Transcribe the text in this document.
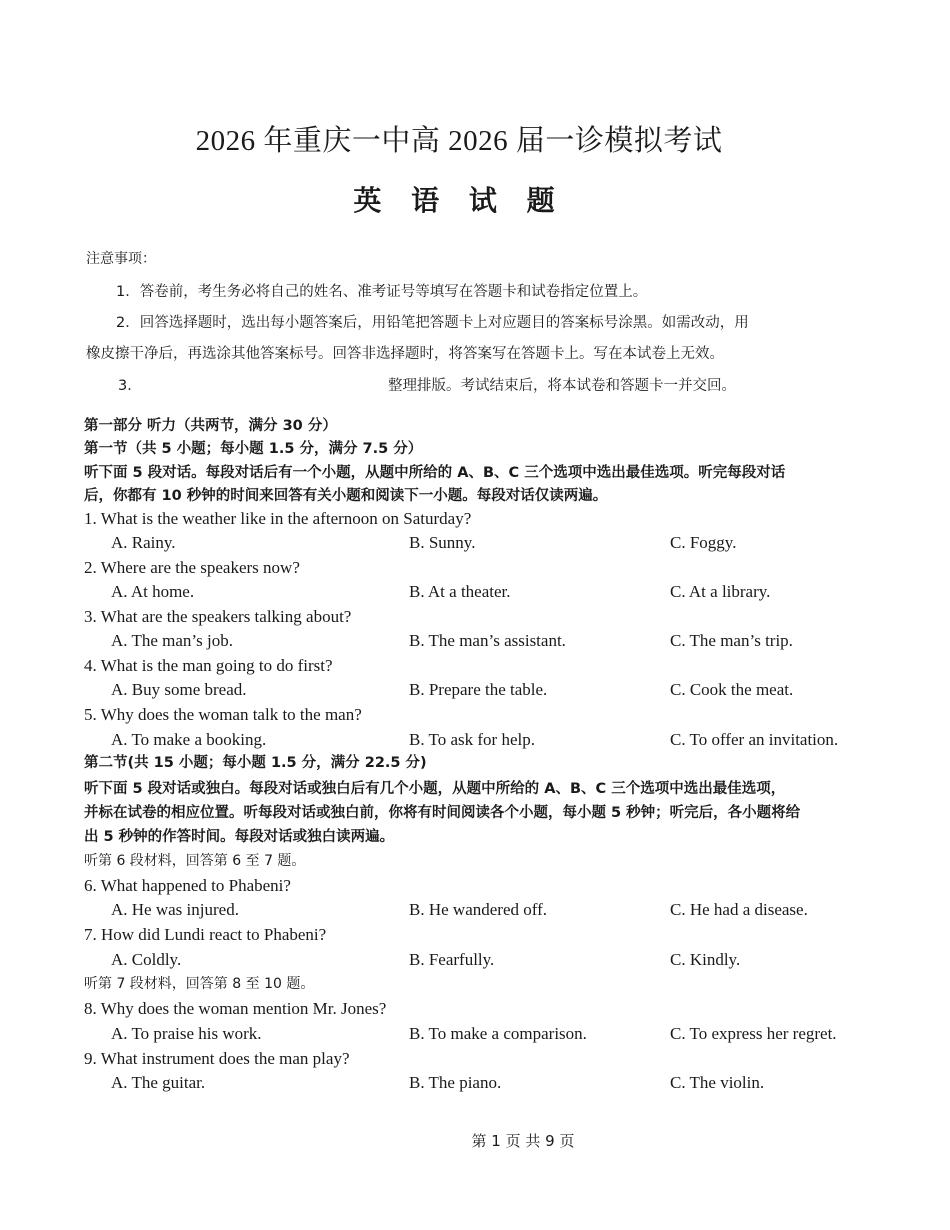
2026 年重庆一中高 2026 届一诊模拟考试
英 语 试 题
注意事项：
1．答卷前，考生务必将自己的姓名、准考证号等填写在答题卡和试卷指定位置上。
2．回答选择题时，选出每小题答案后，用铅笔把答题卡上对应题目的答案标号涂黑。如需改动，用
橡皮擦干净后，再选涂其他答案标号。回答非选择题时，将答案写在答题卡上。写在本试卷上无效。
3．	整理排版。考试结束后，将本试卷和答题卡一并交回。
第一部分 听力（共两节，满分 30 分）
第一节（共 5 小题；每小题 1.5 分，满分 7.5 分）
听下面 5 段对话。每段对话后有一个小题，从题中所给的 A、B、C 三个选项中选出最佳选项。听完每段对话
后，你都有 10 秒钟的时间来回答有关小题和阅读下一小题。每段对话仅读两遍。
1. What is the weather like in the afternoon on Saturday?
A. Rainy.	B. Sunny.	C. Foggy.
2. Where are the speakers now?
A. At home.	B. At a theater.	C. At a library.
3. What are the speakers talking about?
A. The man’s job.	B. The man’s assistant.	C. The man’s trip.
4. What is the man going to do first?
A. Buy some bread.	B. Prepare the table.	C. Cook the meat.
5. Why does the woman talk to the man?
A. To make a booking.	B. To ask for help.	C. To offer an invitation.
第二节(共 15 小题；每小题 1.5 分，满分 22.5 分)
听下面 5 段对话或独白。每段对话或独白后有几个小题，从题中所给的 A、B、C 三个选项中选出最佳选项，
并标在试卷的相应位置。听每段对话或独白前，你将有时间阅读各个小题，每小题 5 秒钟；听完后，各小题将给
出 5 秒钟的作答时间。每段对话或独白读两遍。
听第 6 段材料，回答第 6 至 7 题。
6. What happened to Phabeni?
A. He was injured.	B. He wandered off.	C. He had a disease.
7. How did Lundi react to Phabeni?
A. Coldly.	B. Fearfully.	C. Kindly.
听第 7 段材料，回答第 8 至 10 题。
8. Why does the woman mention Mr. Jones?
A. To praise his work.	B. To make a comparison.	C. To express her regret.
9. What instrument does the man play?
A. The guitar.	B. The piano.	C. The violin.
第 1 页 共 9 页
